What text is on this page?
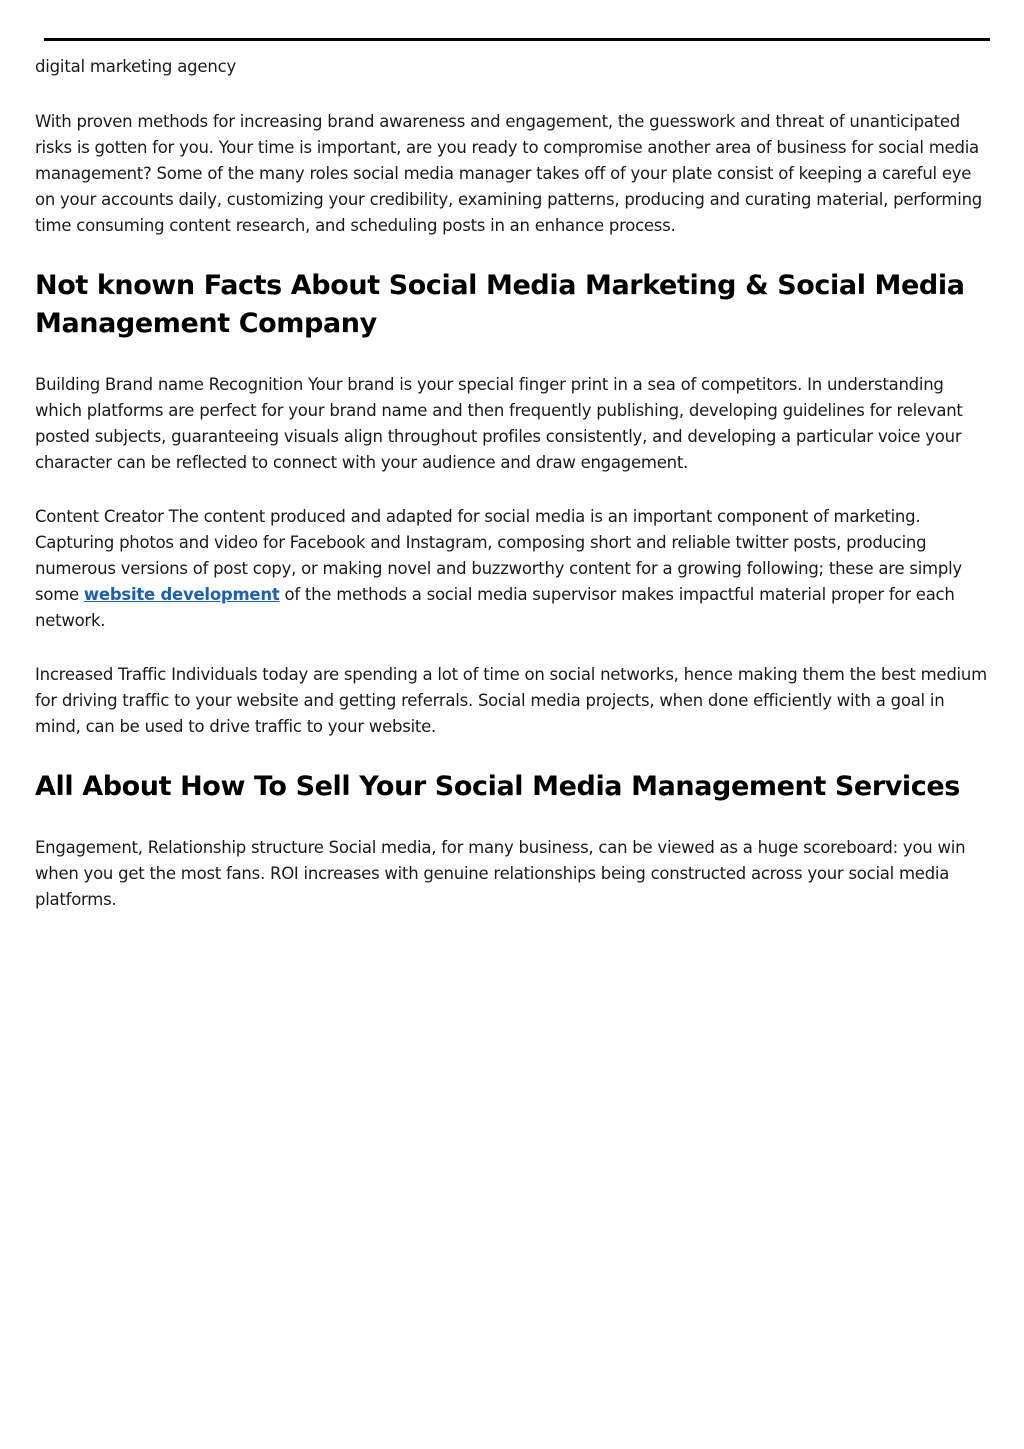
digital marketing agency

With proven methods for increasing brand awareness and engagement, the guesswork and threat of unanticipated risks is gotten for you. Your time is important, are you ready to compromise another area of business for social media management? Some of the many roles social media manager takes off of your plate consist of keeping a careful eye on your accounts daily, customizing your credibility, examining patterns, producing and curating material, performing time consuming content research, and scheduling posts in an enhance process.

Not known Facts About Social Media Marketing & Social Media Management Company

Building Brand name Recognition Your brand is your special finger print in a sea of competitors. In understanding which platforms are perfect for your brand name and then frequently publishing, developing guidelines for relevant posted subjects, guaranteeing visuals align throughout profiles consistently, and developing a particular voice your character can be reflected to connect with your audience and draw engagement.

Content Creator The content produced and adapted for social media is an important component of marketing. Capturing photos and video for Facebook and Instagram, composing short and reliable twitter posts, producing numerous versions of post copy, or making novel and buzzworthy content for a growing following; these are simply some website development of the methods a social media supervisor makes impactful material proper for each network.

Increased Traffic Individuals today are spending a lot of time on social networks, hence making them the best medium for driving traffic to your website and getting referrals. Social media projects, when done efficiently with a goal in mind, can be used to drive traffic to your website.

All About How To Sell Your Social Media Management Services

Engagement, Relationship structure Social media, for many business, can be viewed as a huge scoreboard: you win when you get the most fans. ROI increases with genuine relationships being constructed across your social media platforms.
